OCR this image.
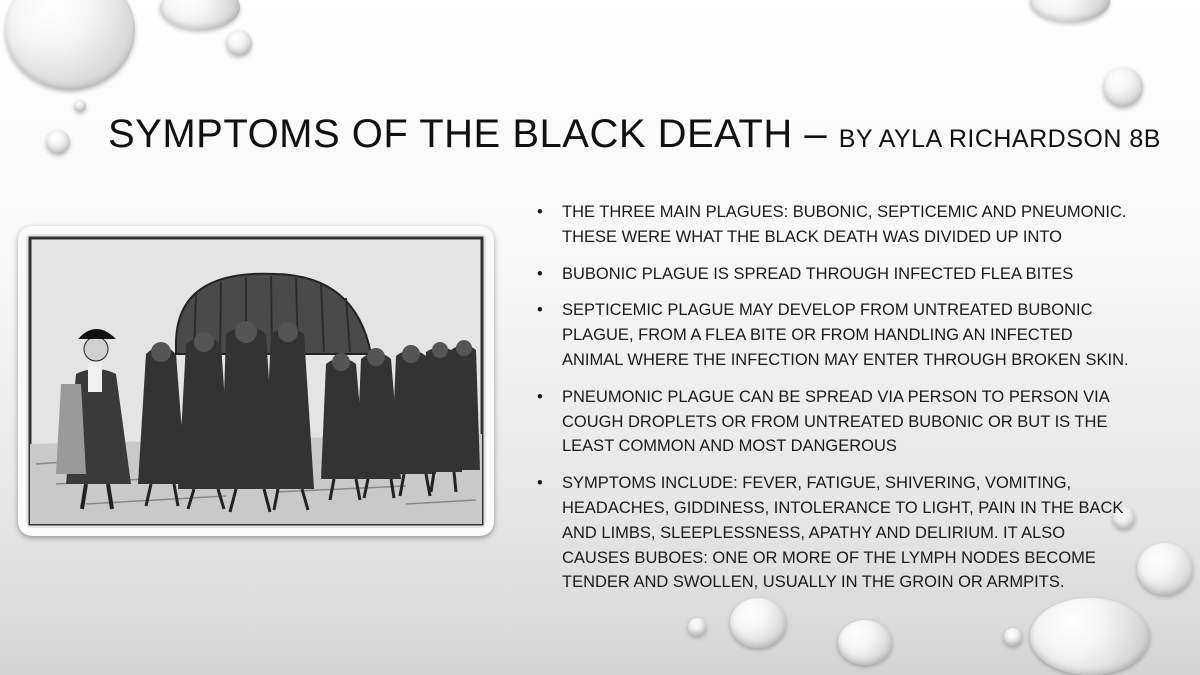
SYMPTOMS OF THE BLACK DEATH – BY AYLA RICHARDSON 8B
• THE THREE MAIN PLAGUES: BUBONIC, SEPTICEMIC AND PNEUMONIC. THESE WERE WHAT THE BLACK DEATH WAS DIVIDED UP INTO
• BUBONIC PLAGUE IS SPREAD THROUGH INFECTED FLEA BITES
• SEPTICEMIC PLAGUE MAY DEVELOP FROM UNTREATED BUBONIC PLAGUE, FROM A FLEA BITE OR FROM HANDLING AN INFECTED ANIMAL WHERE THE INFECTION MAY ENTER THROUGH BROKEN SKIN.
• PNEUMONIC PLAGUE CAN BE SPREAD VIA PERSON TO PERSON VIA COUGH DROPLETS OR FROM UNTREATED BUBONIC OR BUT IS THE LEAST COMMON AND MOST DANGEROUS
• SYMPTOMS INCLUDE: FEVER, FATIGUE, SHIVERING, VOMITING, HEADACHES, GIDDINESS, INTOLERANCE TO LIGHT, PAIN IN THE BACK AND LIMBS, SLEEPLESSNESS, APATHY AND DELIRIUM. IT ALSO CAUSES BUBOES: ONE OR MORE OF THE LYMPH NODES BECOME TENDER AND SWOLLEN, USUALLY IN THE GROIN OR ARMPITS.
